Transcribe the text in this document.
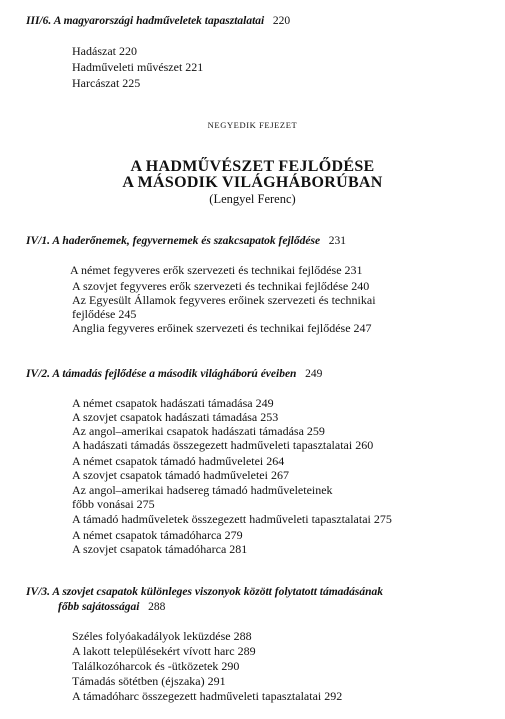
III/6. A magyarországi hadműveletek tapasztalatai 220
Hadászat 220
Hadműveleti művészet 221
Harcászat 225
NEGYEDIK FEJEZET
A HADMŰVÉSZET FEJLŐDÉSE
A MÁSODIK VILÁGHÁBORÚBAN
(Lengyel Ferenc)
IV/1. A haderőnemek, fegyvernemek és szakcsapatok fejlődése 231
A német fegyveres erők szervezeti és technikai fejlődése 231
A szovjet fegyveres erők szervezeti és technikai fejlődése 240
Az Egyesült Államok fegyveres erőinek szervezeti és technikai
fejlődése 245
Anglia fegyveres erőinek szervezeti és technikai fejlődése 247
IV/2. A támadás fejlődése a második világháború éveiben 249
A német csapatok hadászati támadása 249
A szovjet csapatok hadászati támadása 253
Az angol–amerikai csapatok hadászati támadása 259
A hadászati támadás összegezett hadműveleti tapasztalatai 260
A német csapatok támadó hadműveletei 264
A szovjet csapatok támadó hadműveletei 267
Az angol–amerikai hadsereg támadó hadműveleteinek
főbb vonásai 275
A támadó hadműveletek összegezett hadműveleti tapasztalatai 275
A német csapatok támadóharca 279
A szovjet csapatok támadóharca 281
IV/3. A szovjet csapatok különleges viszonyok között folytatott támadásának
főbb sajátosságai 288
Széles folyóakadályok leküzdése 288
A lakott településekért vívott harc 289
Találkozóharcok és -ütközetek 290
Támadás sötétben (éjszaka) 291
A támadóharc összegezett hadműveleti tapasztalatai 292
